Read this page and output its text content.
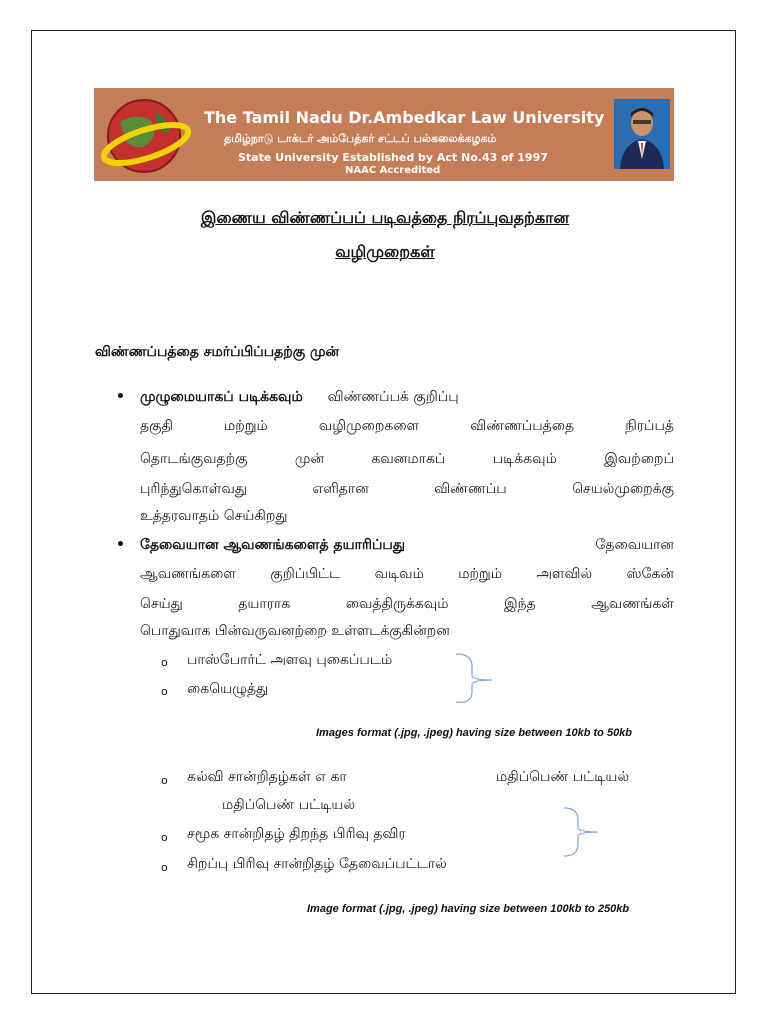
The Tamil Nadu Dr.Ambedkar Law University
தமிழ்நாடு டாக்டர் அம்பேத்கர் சட்டப் பல்கலைக்கழகம்
State University Established by Act No.43 of 1997
NAAC Accredited
இணைய விண்ணப்பப் படிவத்தை நிரப்புவதற்கான
வழிமுறைகள்
விண்ணப்பத்தை சமர்ப்பிப்பதற்கு முன்
• முழுமையாகப் படிக்கவும் விண்ணப்பக் குறிப்பு
தகுதி மற்றும் வழிமுறைகளை விண்ணப்பத்தை நிரப்பத்
தொடங்குவதற்கு முன் கவனமாகப் படிக்கவும் இவற்றைப்
புரிந்துகொள்வது எளிதான விண்ணப்ப செயல்முறைக்கு
உத்தரவாதம் செய்கிறது
• தேவையான ஆவணங்களைத் தயாரிப்பது	தேவையான
ஆவணங்களை குறிப்பிட்ட வடிவம் மற்றும் அளவில் ஸ்கேன்
செய்து தயாராக வைத்திருக்கவும் இந்த ஆவணங்கள்
பொதுவாக பின்வருவனற்றை உள்ளடக்குகின்றன
o பாஸ்போர்ட் அளவு புகைப்படம்
o கையெழுத்து
Images format (.jpg, .jpeg) having size between 10kb to 50kb
o கல்வி சான்றிதழ்கள் எ கா	மதிப்பெண் பட்டியல்
மதிப்பெண் பட்டியல்
o சமூக சான்றிதழ் திறந்த பிரிவு தவிர
o சிறப்பு பிரிவு சான்றிதழ் தேவைப்பட்டால்
Image format (.jpg, .jpeg) having size between 100kb to 250kb
